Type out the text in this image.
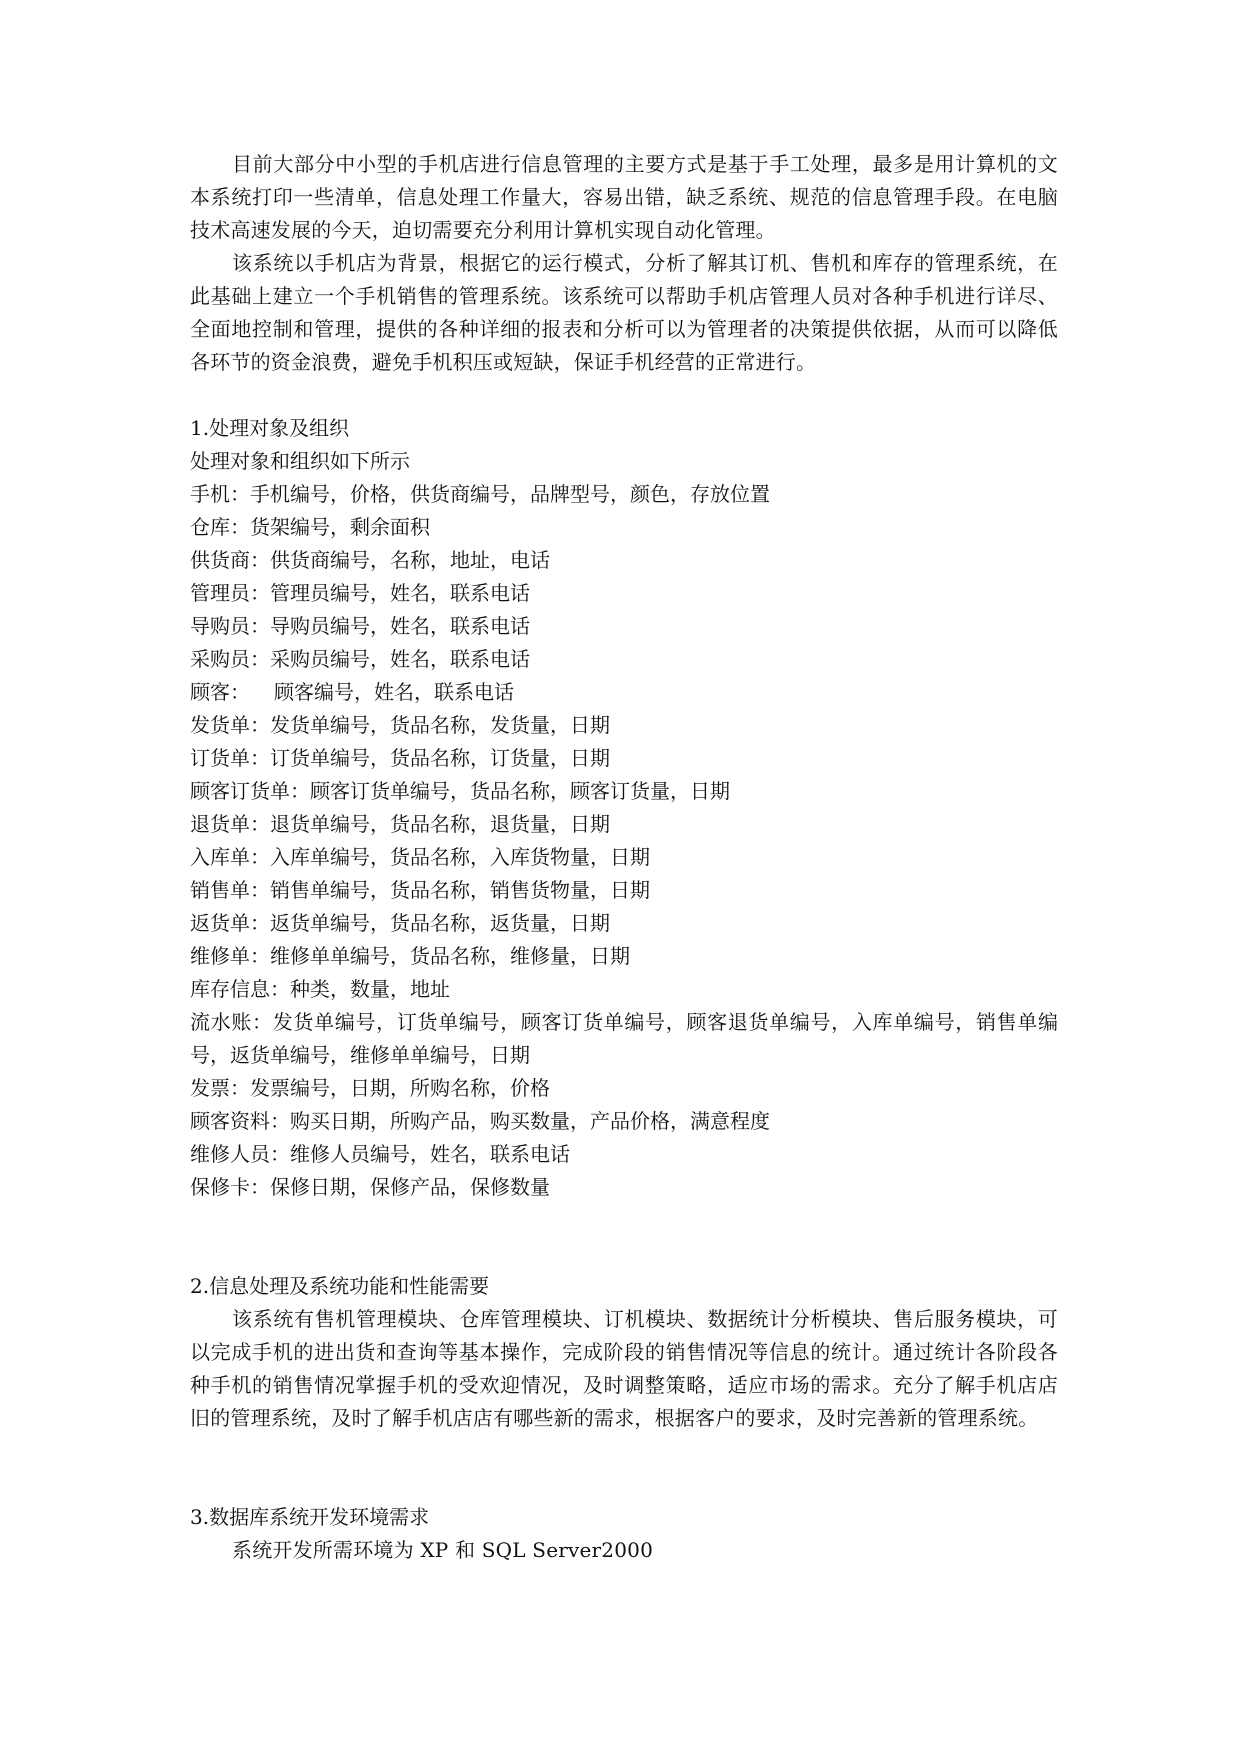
目前大部分中小型的手机店进行信息管理的主要方式是基于手工处理，最多是用计算机的文本系统打印一些清单，信息处理工作量大，容易出错，缺乏系统、规范的信息管理手段。在电脑技术高速发展的今天，迫切需要充分利用计算机实现自动化管理。

该系统以手机店为背景，根据它的运行模式，分析了解其订机、售机和库存的管理系统，在此基础上建立一个手机销售的管理系统。该系统可以帮助手机店管理人员对各种手机进行详尽、全面地控制和管理，提供的各种详细的报表和分析可以为管理者的决策提供依据，从而可以降低各环节的资金浪费，避免手机积压或短缺，保证手机经营的正常进行。

1.处理对象及组织

处理对象和组织如下所示

手机：手机编号，价格，供货商编号，品牌型号，颜色，存放位置

仓库：货架编号，剩余面积

供货商：供货商编号，名称，地址，电话

管理员：管理员编号，姓名，联系电话

导购员：导购员编号，姓名，联系电话

采购员：采购员编号，姓名，联系电话

顾客： 顾客编号，姓名，联系电话

发货单：发货单编号，货品名称，发货量，日期

订货单：订货单编号，货品名称，订货量，日期

顾客订货单：顾客订货单编号，货品名称，顾客订货量，日期

退货单：退货单编号，货品名称，退货量，日期

入库单：入库单编号，货品名称，入库货物量，日期

销售单：销售单编号，货品名称，销售货物量，日期

返货单：返货单编号，货品名称，返货量，日期

维修单：维修单单编号，货品名称，维修量，日期

库存信息：种类，数量，地址

流水账：发货单编号，订货单编号，顾客订货单编号，顾客退货单编号，入库单编号，销售单编号，返货单编号，维修单单编号，日期

发票：发票编号，日期，所购名称，价格

顾客资料：购买日期，所购产品，购买数量，产品价格，满意程度

维修人员：维修人员编号，姓名，联系电话

保修卡：保修日期，保修产品，保修数量

2.信息处理及系统功能和性能需要

该系统有售机管理模块、仓库管理模块、订机模块、数据统计分析模块、售后服务模块，可以完成手机的进出货和查询等基本操作，完成阶段的销售情况等信息的统计。通过统计各阶段各种手机的销售情况掌握手机的受欢迎情况，及时调整策略，适应市场的需求。充分了解手机店店旧的管理系统，及时了解手机店店有哪些新的需求，根据客户的要求，及时完善新的管理系统。

3.数据库系统开发环境需求

系统开发所需环境为 XP 和 SQL Server2000
